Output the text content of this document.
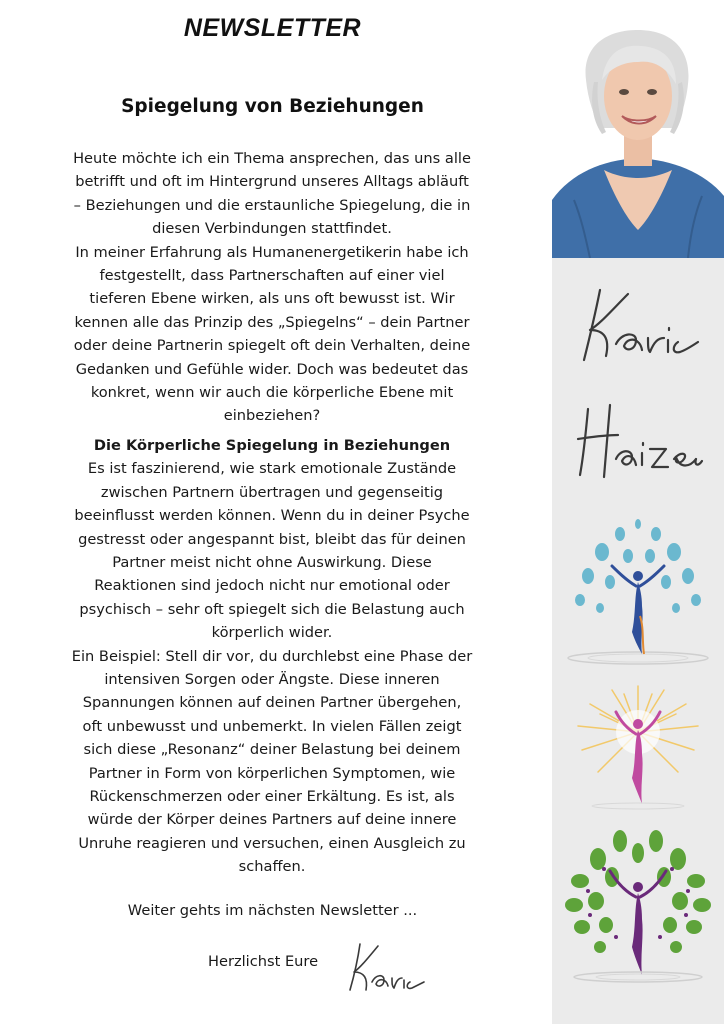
NEWSLETTER
Spiegelung von Beziehungen

Heute möchte ich ein Thema ansprechen, das uns alle

betrifft und oft im Hintergrund unseres Alltags abläuft

– Beziehungen und die erstaunliche Spiegelung, die in

diesen Verbindungen stattfindet.

In meiner Erfahrung als Humanenergetikerin habe ich

festgestellt, dass Partnerschaften auf einer viel

tieferen Ebene wirken, als uns oft bewusst ist. Wir

kennen alle das Prinzip des „Spiegelns“ – dein Partner

oder deine Partnerin spiegelt oft dein Verhalten, deine

Gedanken und Gefühle wider. Doch was bedeutet das

konkret, wenn wir auch die körperliche Ebene mit

einbeziehen?

Die Körperliche Spiegelung in Beziehungen

Es ist faszinierend, wie stark emotionale Zustände

zwischen Partnern übertragen und gegenseitig

beeinflusst werden können. Wenn du in deiner Psyche

gestresst oder angespannt bist, bleibt das für deinen

Partner meist nicht ohne Auswirkung. Diese

Reaktionen sind jedoch nicht nur emotional oder

psychisch – sehr oft spiegelt sich die Belastung auch

körperlich wider.

Ein Beispiel: Stell dir vor, du durchlebst eine Phase der

intensiven Sorgen oder Ängste. Diese inneren

Spannungen können auf deinen Partner übergehen,

oft unbewusst und unbemerkt. In vielen Fällen zeigt

sich diese „Resonanz“ deiner Belastung bei deinem

Partner in Form von körperlichen Symptomen, wie

Rückenschmerzen oder einer Erkältung. Es ist, als

würde der Körper deines Partners auf deine innere

Unruhe reagieren und versuchen, einen Ausgleich zu

schaffen.

Weiter gehts im nächsten Newsletter ...
Herzlichst Eure
